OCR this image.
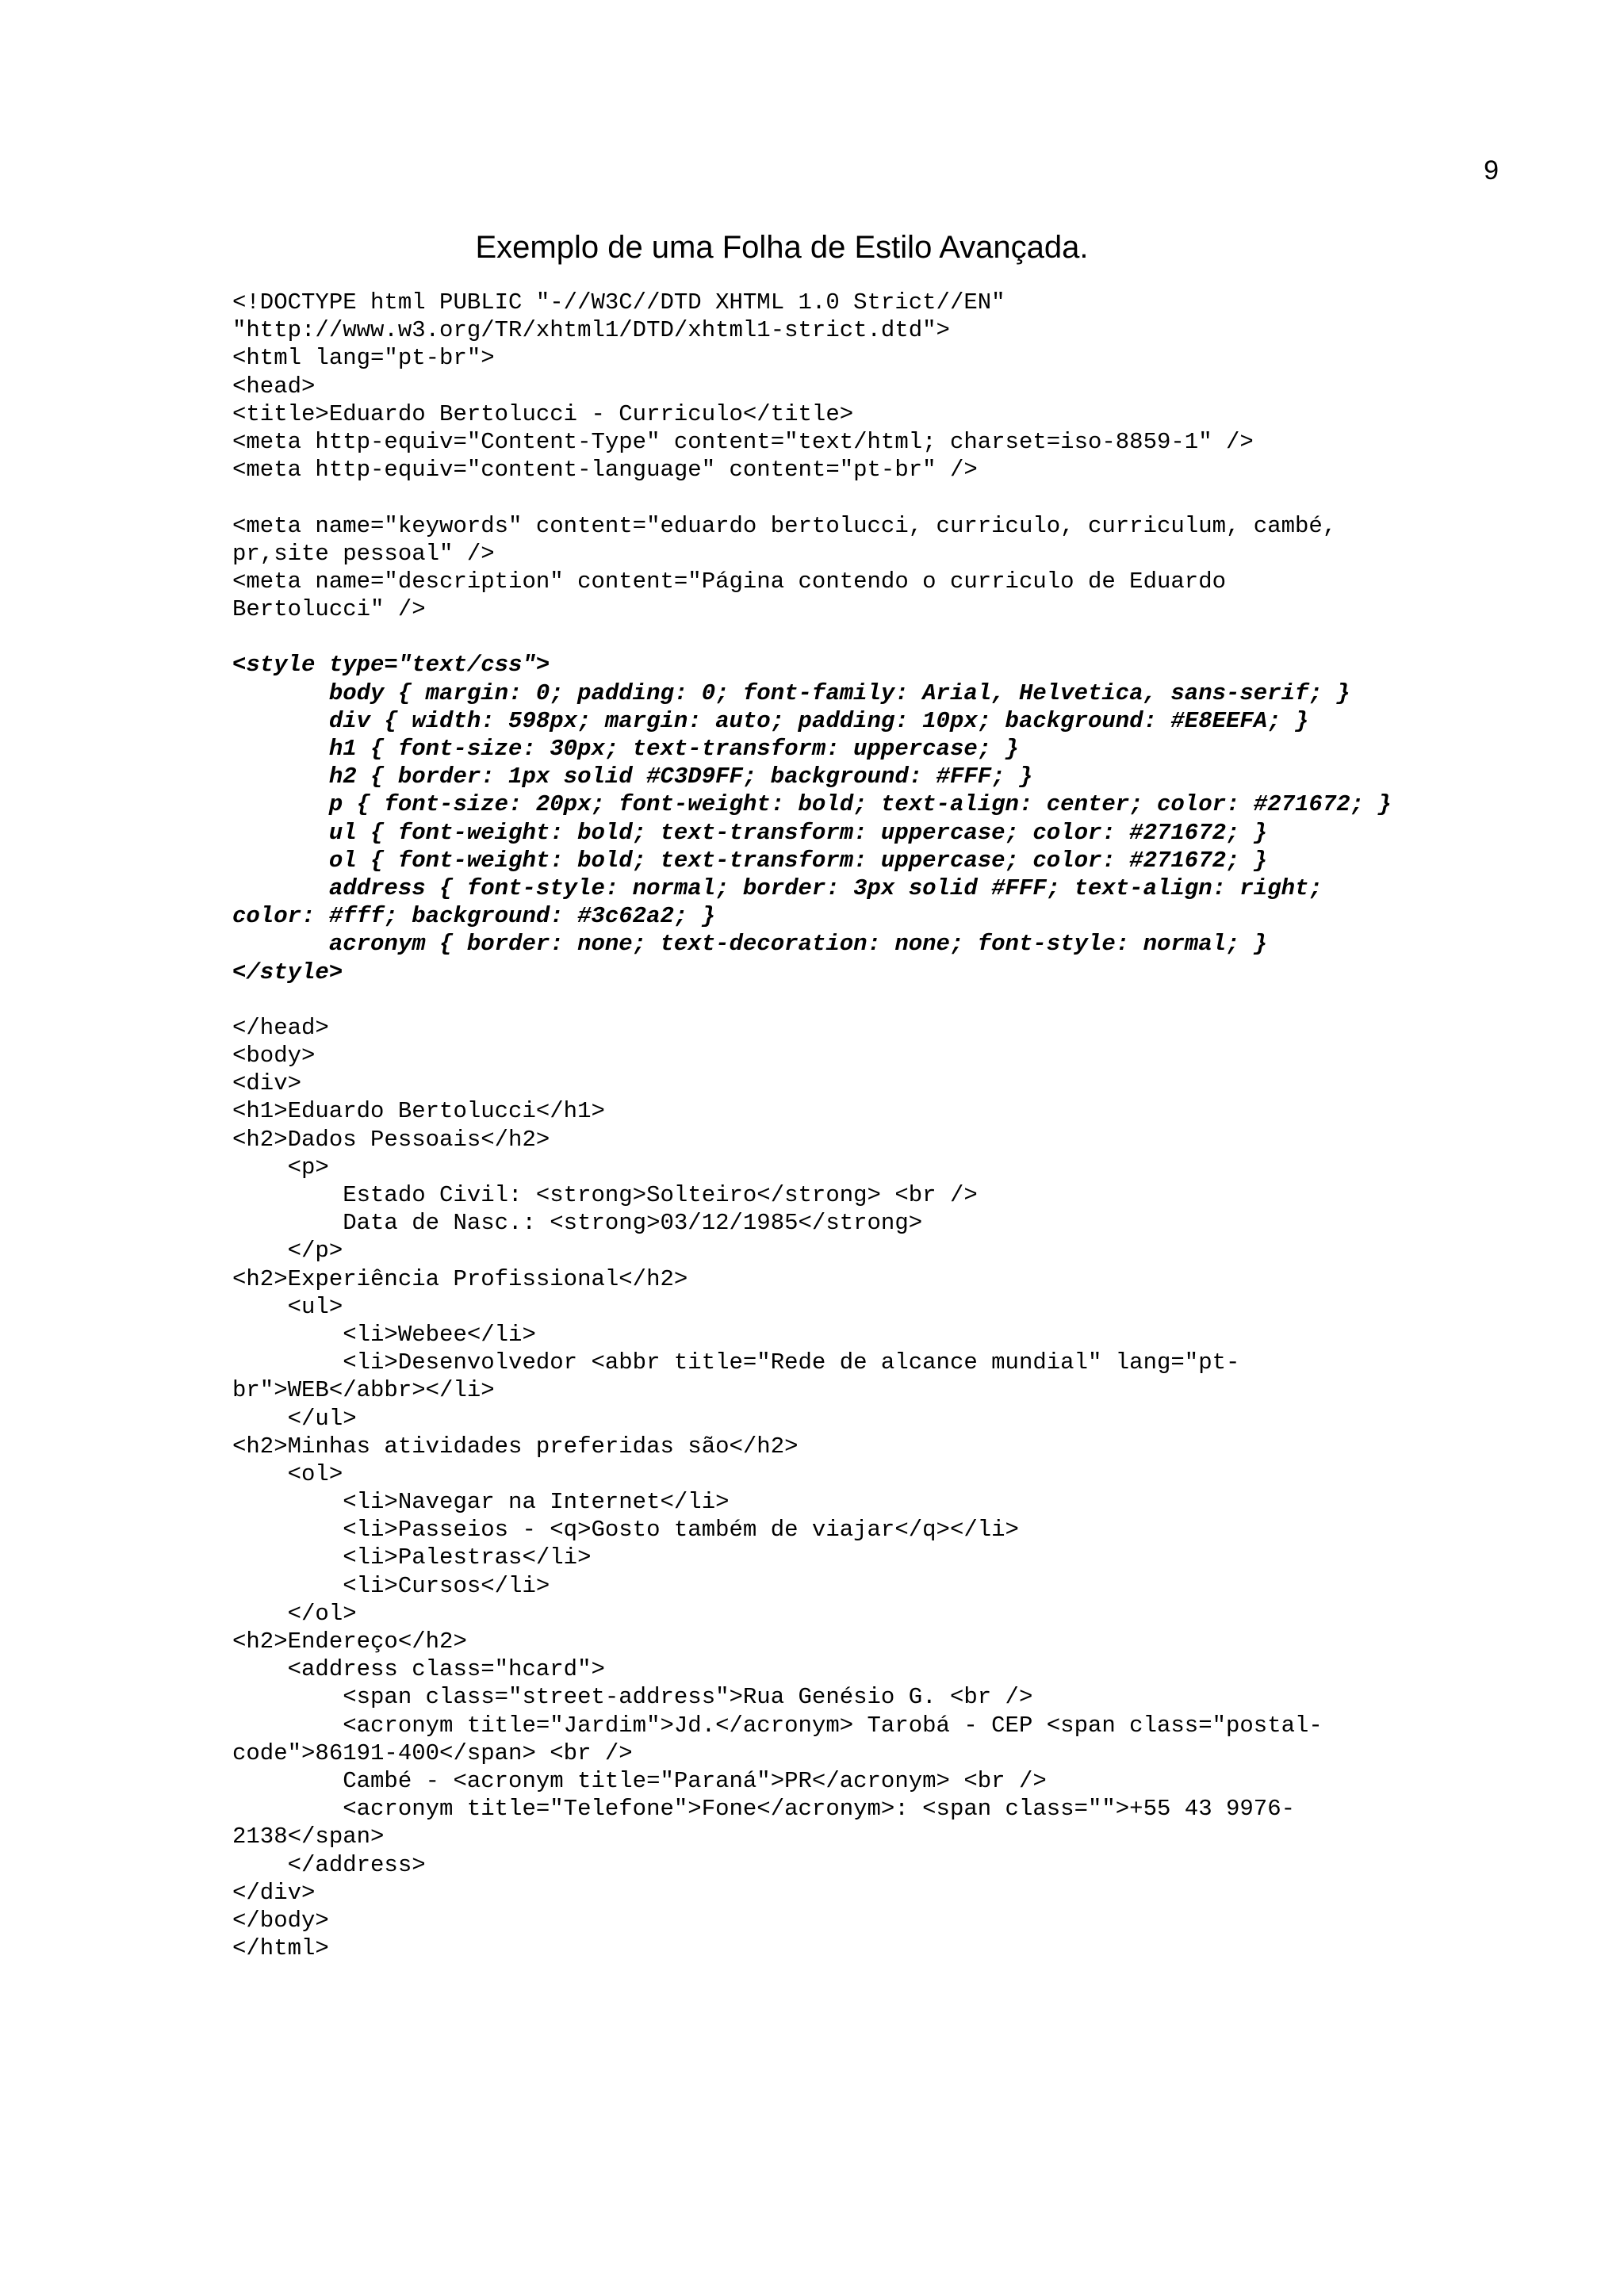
9
Exemplo de uma Folha de Estilo Avançada.
<!DOCTYPE html PUBLIC "-//W3C//DTD XHTML 1.0 Strict//EN"
"http://www.w3.org/TR/xhtml1/DTD/xhtml1-strict.dtd">
<html lang="pt-br">
<head>
<title>Eduardo Bertolucci - Curriculo</title>
<meta http-equiv="Content-Type" content="text/html; charset=iso-8859-1" />
<meta http-equiv="content-language" content="pt-br" />
<meta name="keywords" content="eduardo bertolucci, curriculo, curriculum, cambé,
pr,site pessoal" />
<meta name="description" content="Página contendo o curriculo de Eduardo
Bertolucci" />
<style type="text/css">
body { margin: 0; padding: 0; font-family: Arial, Helvetica, sans-serif; }
div { width: 598px; margin: auto; padding: 10px; background: #E8EEFA; }
h1 { font-size: 30px; text-transform: uppercase; }
h2 { border: 1px solid #C3D9FF; background: #FFF; }
p { font-size: 20px; font-weight: bold; text-align: center; color: #271672; }
ul { font-weight: bold; text-transform: uppercase; color: #271672; }
ol { font-weight: bold; text-transform: uppercase; color: #271672; }
address { font-style: normal; border: 3px solid #FFF; text-align: right;
color: #fff; background: #3c62a2; }
acronym { border: none; text-decoration: none; font-style: normal; }
</style>
</head>
<body>
<div>
<h1>Eduardo Bertolucci</h1>
<h2>Dados Pessoais</h2>
<p>
Estado Civil: <strong>Solteiro</strong> <br />
Data de Nasc.: <strong>03/12/1985</strong>
</p>
<h2>Experiência Profissional</h2>
<ul>
<li>Webee</li>
<li>Desenvolvedor <abbr title="Rede de alcance mundial" lang="pt-
br">WEB</abbr></li>
</ul>
<h2>Minhas atividades preferidas são</h2>
<ol>
<li>Navegar na Internet</li>
<li>Passeios - <q>Gosto também de viajar</q></li>
<li>Palestras</li>
<li>Cursos</li>
</ol>
<h2>Endereço</h2>
<address class="hcard">
<span class="street-address">Rua Genésio G. <br />
<acronym title="Jardim">Jd.</acronym> Tarobá - CEP <span class="postal-
code">86191-400</span> <br />
Cambé - <acronym title="Paraná">PR</acronym> <br />
<acronym title="Telefone">Fone</acronym>: <span class="">+55 43 9976-
2138</span>
</address>
</div>
</body>
</html>
